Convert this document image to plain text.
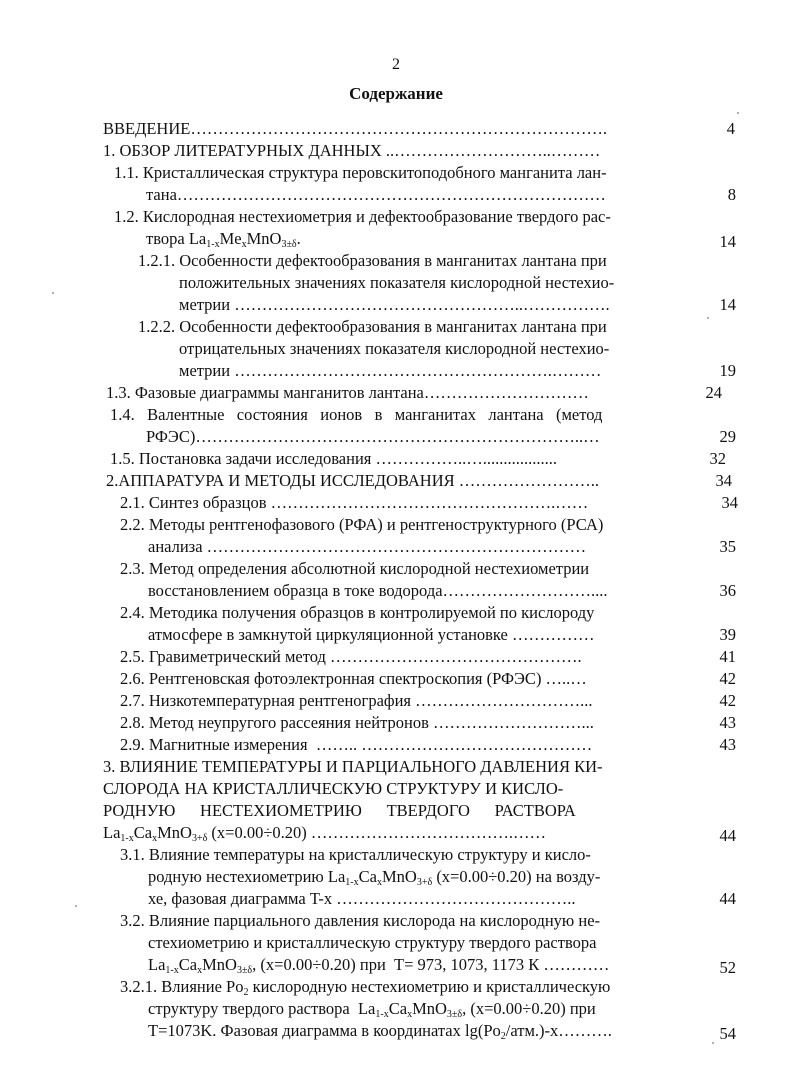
2
Содержание
ВВЕДЕНИЕ………………………………………………………………….	4
1. ОБЗОР ЛИТЕРАТУРНЫХ ДАННЫХ ..………………………..………
1.1. Кристаллическая структура перовскитоподобного манганита лан-
тана……………………………………………………………………	8
1.2. Кислородная нестехиометрия и дефектообразование твердого рас-
твора La1-xMexMnO3±δ.	14
1.2.1. Особенности дефектообразования в манганитах лантана при
положительных значениях показателя кислородной нестехио-
метрии ……………………………………………..…………….	14
1.2.2. Особенности дефектообразования в манганитах лантана при
отрицательных значениях показателя кислородной нестехио-
метрии ………………………………………………….………	19
1.3. Фазовые диаграммы манганитов лантана…………………………	24
1.4.   Валентные   состояния   ионов   в   манганитах   лантана   (метод
РФЭС)……………………………………………………………..…	29
1.5. Постановка задачи исследования ……………..…..................	32
2.АППАРАТУРА И МЕТОДЫ ИССЛЕДОВАНИЯ ……………………..	34
2.1. Синтез образцов …………………………………………….……	34
2.2. Методы рентгенофазового (РФА) и рентгеноструктурного (РСА)
анализа ……………………………………………………………	35
2.3. Метод определения абсолютной кислородной нестехиометрии
восстановлением образца в токе водорода………………………....	36
2.4. Методика получения образцов в контролируемой по кислороду
атмосфере в замкнутой циркуляционной установке ……………	39
2.5. Гравиметрический метод ……………………………………….	41
2.6. Рентгеновская фотоэлектронная спектроскопия (РФЭС) …..…	42
2.7. Низкотемпературная рентгенография …………………………...	42
2.8. Метод неупругого рассеяния нейтронов ………………………...	43
2.9. Магнитные измерения  …….. ……………………………………	43
3. ВЛИЯНИЕ ТЕМПЕРАТУРЫ И ПАРЦИАЛЬНОГО ДАВЛЕНИЯ КИ-
СЛОРОДА НА КРИСТАЛЛИЧЕСКУЮ СТРУКТУРУ И КИСЛО-
РОДНУЮ      НЕСТЕХИОМЕТРИЮ      ТВЕРДОГО      РАСТВОРА
La1-xCaxMnO3+δ (x=0.00÷0.20) ……………………………….……	44
3.1. Влияние температуры на кристаллическую структуру и кисло-
родную нестехиометрию La1-xCaxMnO3+δ (x=0.00÷0.20) на возду-
хе, фазовая диаграмма T-x ……………………………………..	44
3.2. Влияние парциального давления кислорода на кислородную не-
стехиометрию и кристаллическую структуру твердого раствора
La1-xCaxMnO3±δ, (x=0.00÷0.20) при  T= 973, 1073, 1173 К …………	52
3.2.1. Влияние Po2 кислородную нестехиометрию и кристаллическую
структуру твердого раствора  La1-xCaxMnO3±δ, (x=0.00÷0.20) при
T=1073K. Фазовая диаграмма в координатах lg(Po2/атм.)-x……….	54
